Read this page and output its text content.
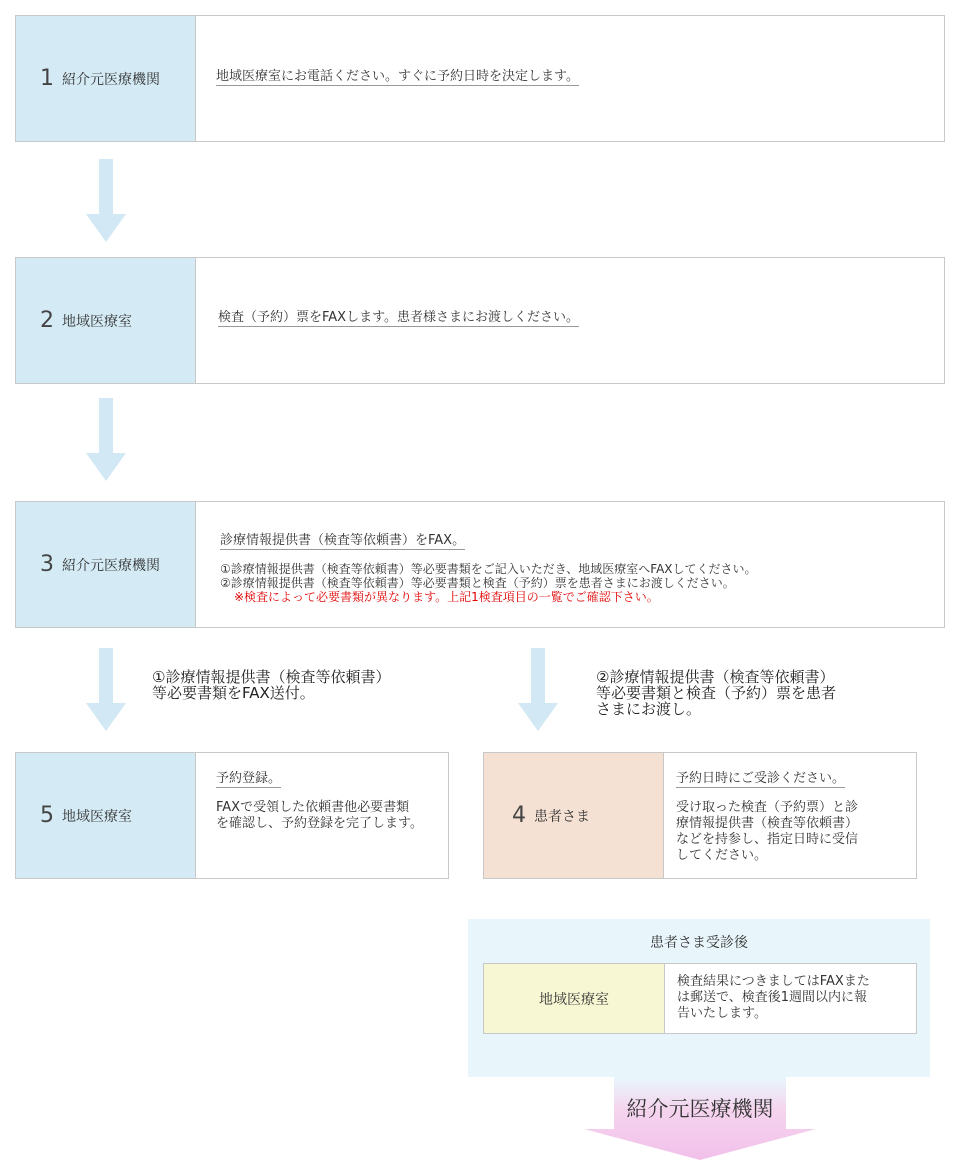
1 紹介元医療機関	地域医療室にお電話ください。すぐに予約日時を決定します。
2 地域医療室	検査（予約）票をFAXします。患者様さまにお渡しください。
3 紹介元医療機関
診療情報提供書（検査等依頼書）をFAX。
①診療情報提供書（検査等依頼書）等必要書類をご記入いただき、地域医療室へFAXしてください。
②診療情報提供書（検査等依頼書）等必要書類と検査（予約）票を患者さまにお渡しください。
※検査によって必要書類が異なります。上記1検査項目の一覧でご確認下さい。
①診療情報提供書（検査等依頼書）
等必要書類をFAX送付。
②診療情報提供書（検査等依頼書）
等必要書類と検査（予約）票を患者
さまにお渡し。
5 地域医療室
予約登録。
FAXで受領した依頼書他必要書類
を確認し、予約登録を完了します。	4 患者さま
予約日時にご受診ください。
受け取った検査（予約票）と診
療情報提供書（検査等依頼書）
などを持参し、指定日時に受信
してください。
患者さま受診後
地域医療室
検査結果につきましてはFAXまた
は郵送で、検査後1週間以内に報
告いたします。
紹介元医療機関
